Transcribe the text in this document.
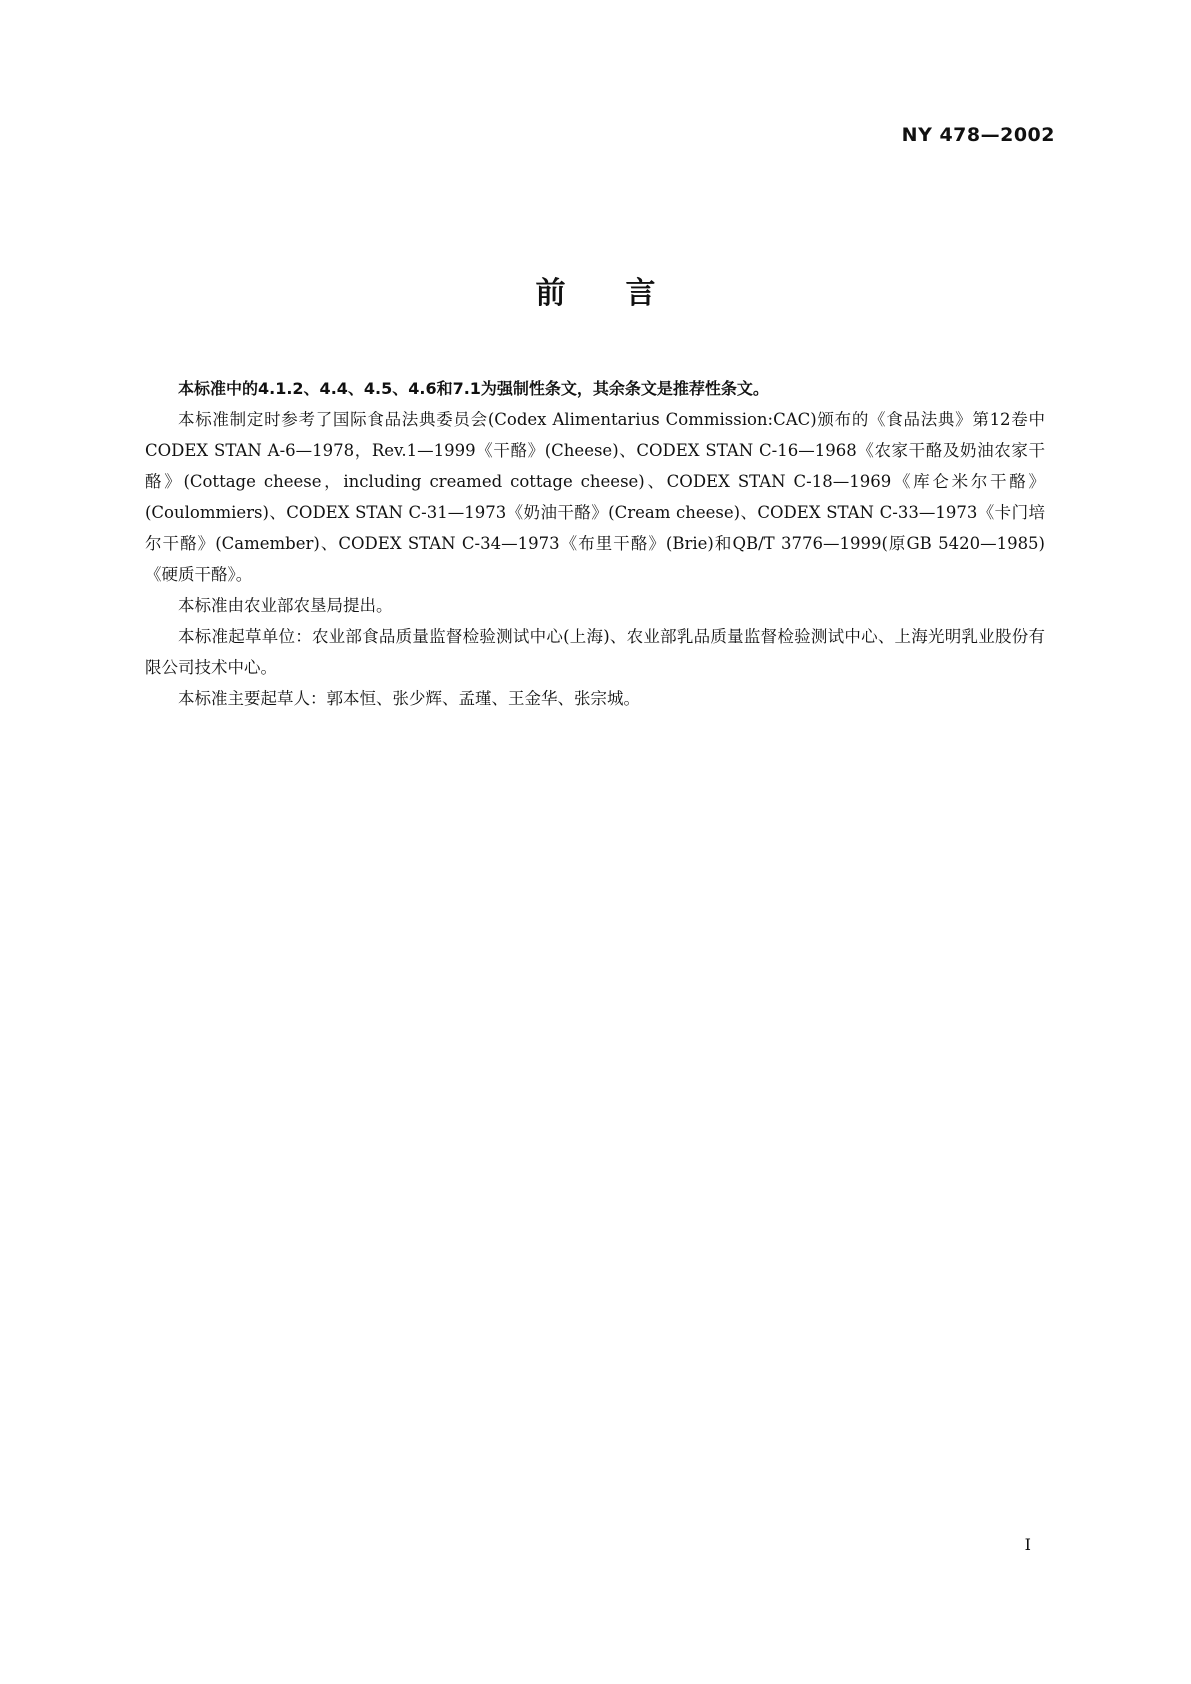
NY 478—2002
前言

本标准中的4.1.2、4.4、4.5、4.6和7.1为强制性条文，其余条文是推荐性条文。

本标准制定时参考了国际食品法典委员会(Codex Alimentarius Commission:CAC)颁布的《食品法典》第12卷中CODEX STAN A-6—1978，Rev.1—1999《干酪》(Cheese)、CODEX STAN C-16—1968《农家干酪及奶油农家干酪》(Cottage cheese，including creamed cottage cheese)、CODEX STAN C-18—1969《库仑米尔干酪》(Coulommiers)、CODEX STAN C-31—1973《奶油干酪》(Cream cheese)、CODEX STAN C-33—1973《卡门培尔干酪》(Camember)、CODEX STAN C-34—1973《布里干酪》(Brie)和QB/T 3776—1999(原GB 5420—1985)《硬质干酪》。

本标准由农业部农垦局提出。

本标准起草单位：农业部食品质量监督检验测试中心(上海)、农业部乳品质量监督检验测试中心、上海光明乳业股份有限公司技术中心。

本标准主要起草人：郭本恒、张少辉、孟瑾、王金华、张宗城。

I
